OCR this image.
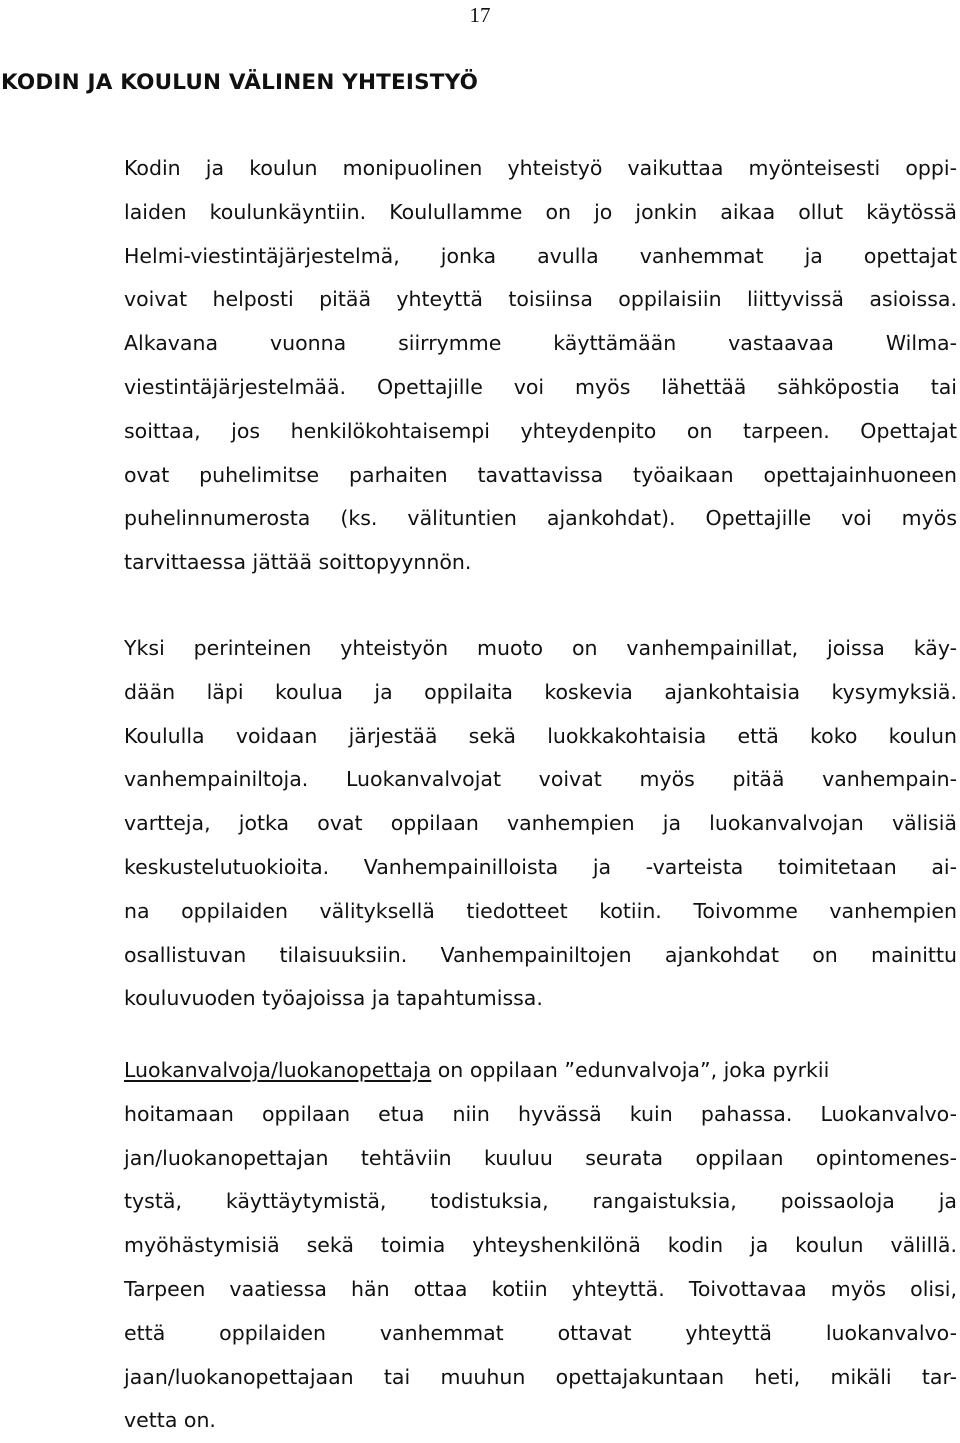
17
KODIN JA KOULUN VÄLINEN YHTEISTYÖ

Kodin ja koulun monipuolinen yhteistyö vaikuttaa myönteisesti oppi-
laiden koulunkäyntiin. Koulullamme on jo jonkin aikaa ollut käytössä
Helmi-viestintäjärjestelmä, jonka avulla vanhemmat ja opettajat
voivat helposti pitää yhteyttä toisiinsa oppilaisiin liittyvissä asioissa.
Alkavana vuonna siirrymme käyttämään vastaavaa Wilma-
viestintäjärjestelmää. Opettajille voi myös lähettää sähköpostia tai
soittaa, jos henkilökohtaisempi yhteydenpito on tarpeen. Opettajat
ovat puhelimitse parhaiten tavattavissa työaikaan opettajainhuoneen
puhelinnumerosta (ks. välituntien ajankohdat). Opettajille voi myös
tarvittaessa jättää soittopyynnön.

Yksi perinteinen yhteistyön muoto on vanhempainillat, joissa käy-
dään läpi koulua ja oppilaita koskevia ajankohtaisia kysymyksiä.
Koululla voidaan järjestää sekä luokkakohtaisia että koko koulun
vanhempainiltoja. Luokanvalvojat voivat myös pitää vanhempain-
vartteja, jotka ovat oppilaan vanhempien ja luokanvalvojan välisiä
keskustelutuokioita. Vanhempainilloista ja -varteista toimitetaan ai-
na oppilaiden välityksellä tiedotteet kotiin. Toivomme vanhempien
osallistuvan tilaisuuksiin. Vanhempainiltojen ajankohdat on mainittu
kouluvuoden työajoissa ja tapahtumissa.

Luokanvalvoja/luokanopettaja on oppilaan ”edunvalvoja”, joka pyrkii
hoitamaan oppilaan etua niin hyvässä kuin pahassa. Luokanvalvo-
jan/luokanopettajan tehtäviin kuuluu seurata oppilaan opintomenes-
tystä, käyttäytymistä, todistuksia, rangaistuksia, poissaoloja ja
myöhästymisiä sekä toimia yhteyshenkilönä kodin ja koulun välillä.
Tarpeen vaatiessa hän ottaa kotiin yhteyttä. Toivottavaa myös olisi,
että oppilaiden vanhemmat ottavat yhteyttä luokanvalvo-
jaan/luokanopettajaan tai muuhun opettajakuntaan heti, mikäli tar-
vetta on.
